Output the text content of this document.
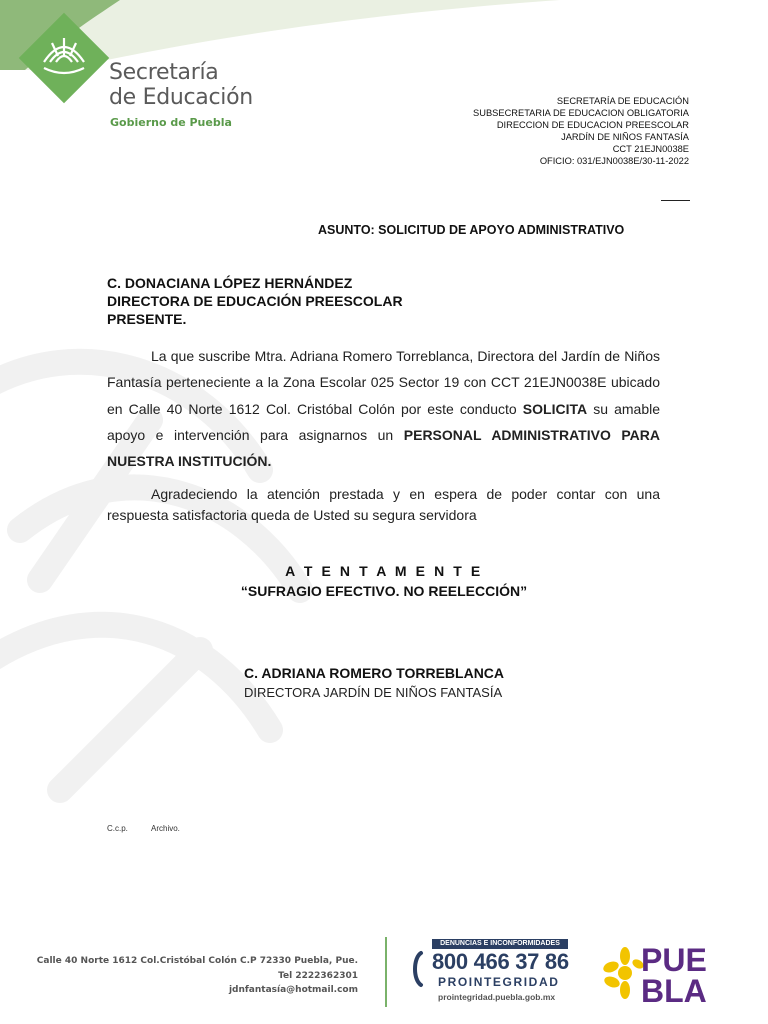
Secretaría
de Educación
Gobierno de Puebla
SECRETARÍA DE EDUCACIÓN
SUBSECRETARIA DE EDUCACION OBLIGATORIA
DIRECCION DE EDUCACION PREESCOLAR
JARDÍN DE NIÑOS FANTASÍA
CCT 21EJN0038E
OFICIO: 031/EJN0038E/30-11-2022
ASUNTO: SOLICITUD DE APOYO ADMINISTRATIVO
C. DONACIANA LÓPEZ HERNÁNDEZ
DIRECTORA DE EDUCACIÓN PREESCOLAR
PRESENTE.

La que suscribe Mtra. Adriana Romero Torreblanca, Directora del Jardín de Niños Fantasía perteneciente a la Zona Escolar 025 Sector 19 con CCT 21EJN0038E ubicado en Calle 40 Norte 1612 Col. Cristóbal Colón por este conducto SOLICITA su amable apoyo e intervención para asignarnos un PERSONAL ADMINISTRATIVO PARA NUESTRA INSTITUCIÓN.

Agradeciendo la atención prestada y en espera de poder contar con una respuesta satisfactoria queda de Usted su segura servidora

A T E N T A M E N T E
“SUFRAGIO EFECTIVO. NO REELECCIÓN”
C. ADRIANA ROMERO TORREBLANCA
DIRECTORA JARDÍN DE NIÑOS FANTASÍA
C.c.p.	Archivo.
Calle 40 Norte 1612 Col.Cristóbal Colón C.P 72330 Puebla, Pue.
Tel 2222362301
jdnfantasía@hotmail.com
DENUNCIAS E INCONFORMIDADES
800 466 37 86
PROINTEGRIDAD
prointegridad.puebla.gob.mx
PUE
BLA
